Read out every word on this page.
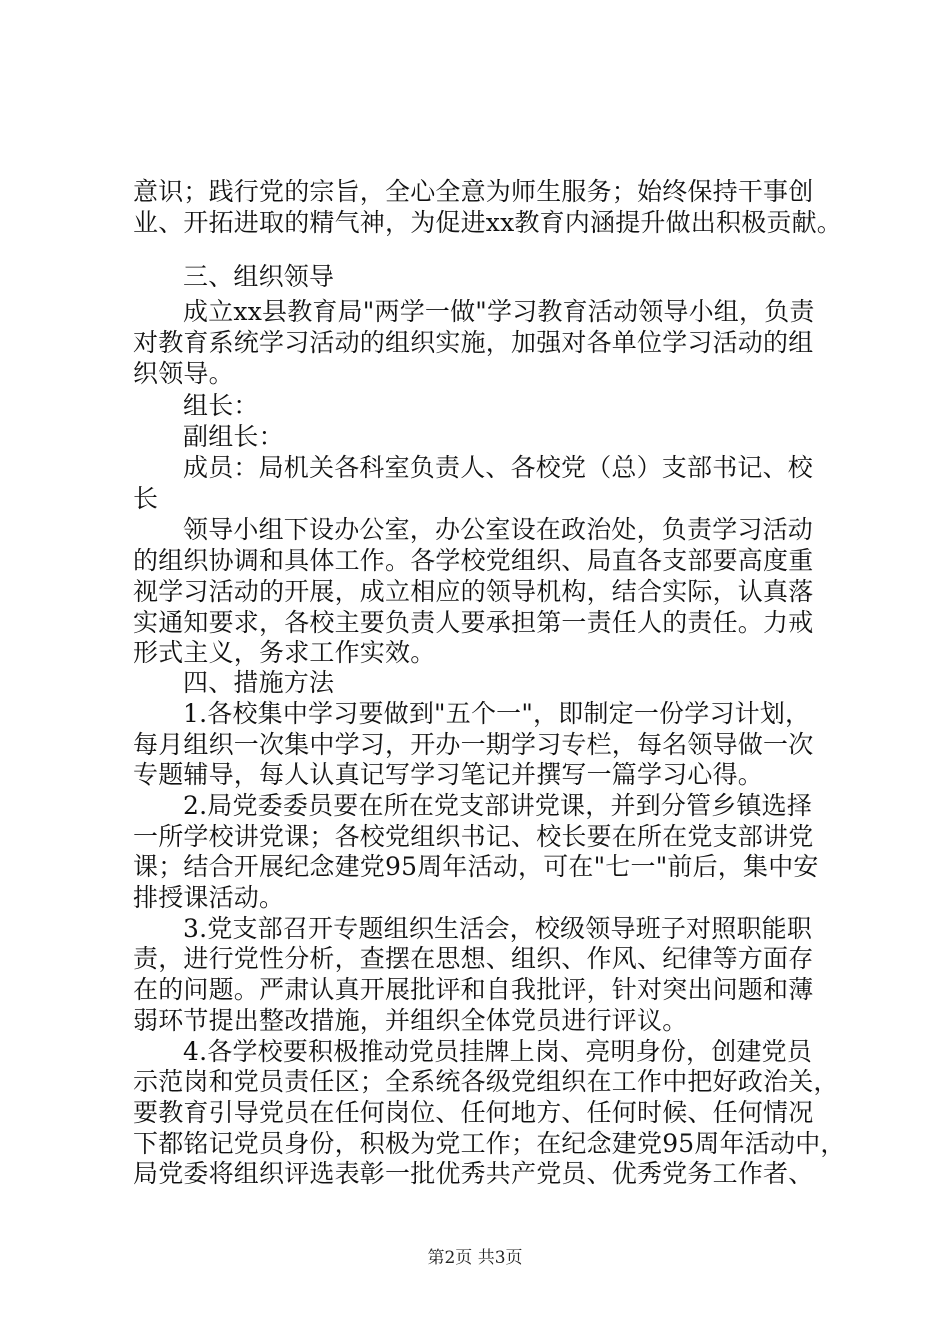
意识；践行党的宗旨，全心全意为师生服务；始终保持干事创
业、开拓进取的精气神，为促进xx教育内涵提升做出积极贡献。
三、组织领导
成立xx县教育局"两学一做"学习教育活动领导小组，负责
对教育系统学习活动的组织实施，加强对各单位学习活动的组
织领导。
组长：
副组长：
成员：局机关各科室负责人、各校党（总）支部书记、校
长
领导小组下设办公室，办公室设在政治处，负责学习活动
的组织协调和具体工作。各学校党组织、局直各支部要高度重
视学习活动的开展，成立相应的领导机构，结合实际，认真落
实通知要求，各校主要负责人要承担第一责任人的责任。力戒
形式主义，务求工作实效。
四、措施方法
1.各校集中学习要做到"五个一"，即制定一份学习计划，
每月组织一次集中学习，开办一期学习专栏，每名领导做一次
专题辅导，每人认真记写学习笔记并撰写一篇学习心得。
2.局党委委员要在所在党支部讲党课，并到分管乡镇选择
一所学校讲党课；各校党组织书记、校长要在所在党支部讲党
课；结合开展纪念建党95周年活动，可在"七一"前后，集中安
排授课活动。
3.党支部召开专题组织生活会，校级领导班子对照职能职
责，进行党性分析，查摆在思想、组织、作风、纪律等方面存
在的问题。严肃认真开展批评和自我批评，针对突出问题和薄
弱环节提出整改措施，并组织全体党员进行评议。
4.各学校要积极推动党员挂牌上岗、亮明身份，创建党员
示范岗和党员责任区；全系统各级党组织在工作中把好政治关，
要教育引导党员在任何岗位、任何地方、任何时候、任何情况
下都铭记党员身份，积极为党工作；在纪念建党95周年活动中，
局党委将组织评选表彰一批优秀共产党员、优秀党务工作者、
第2页 共3页
